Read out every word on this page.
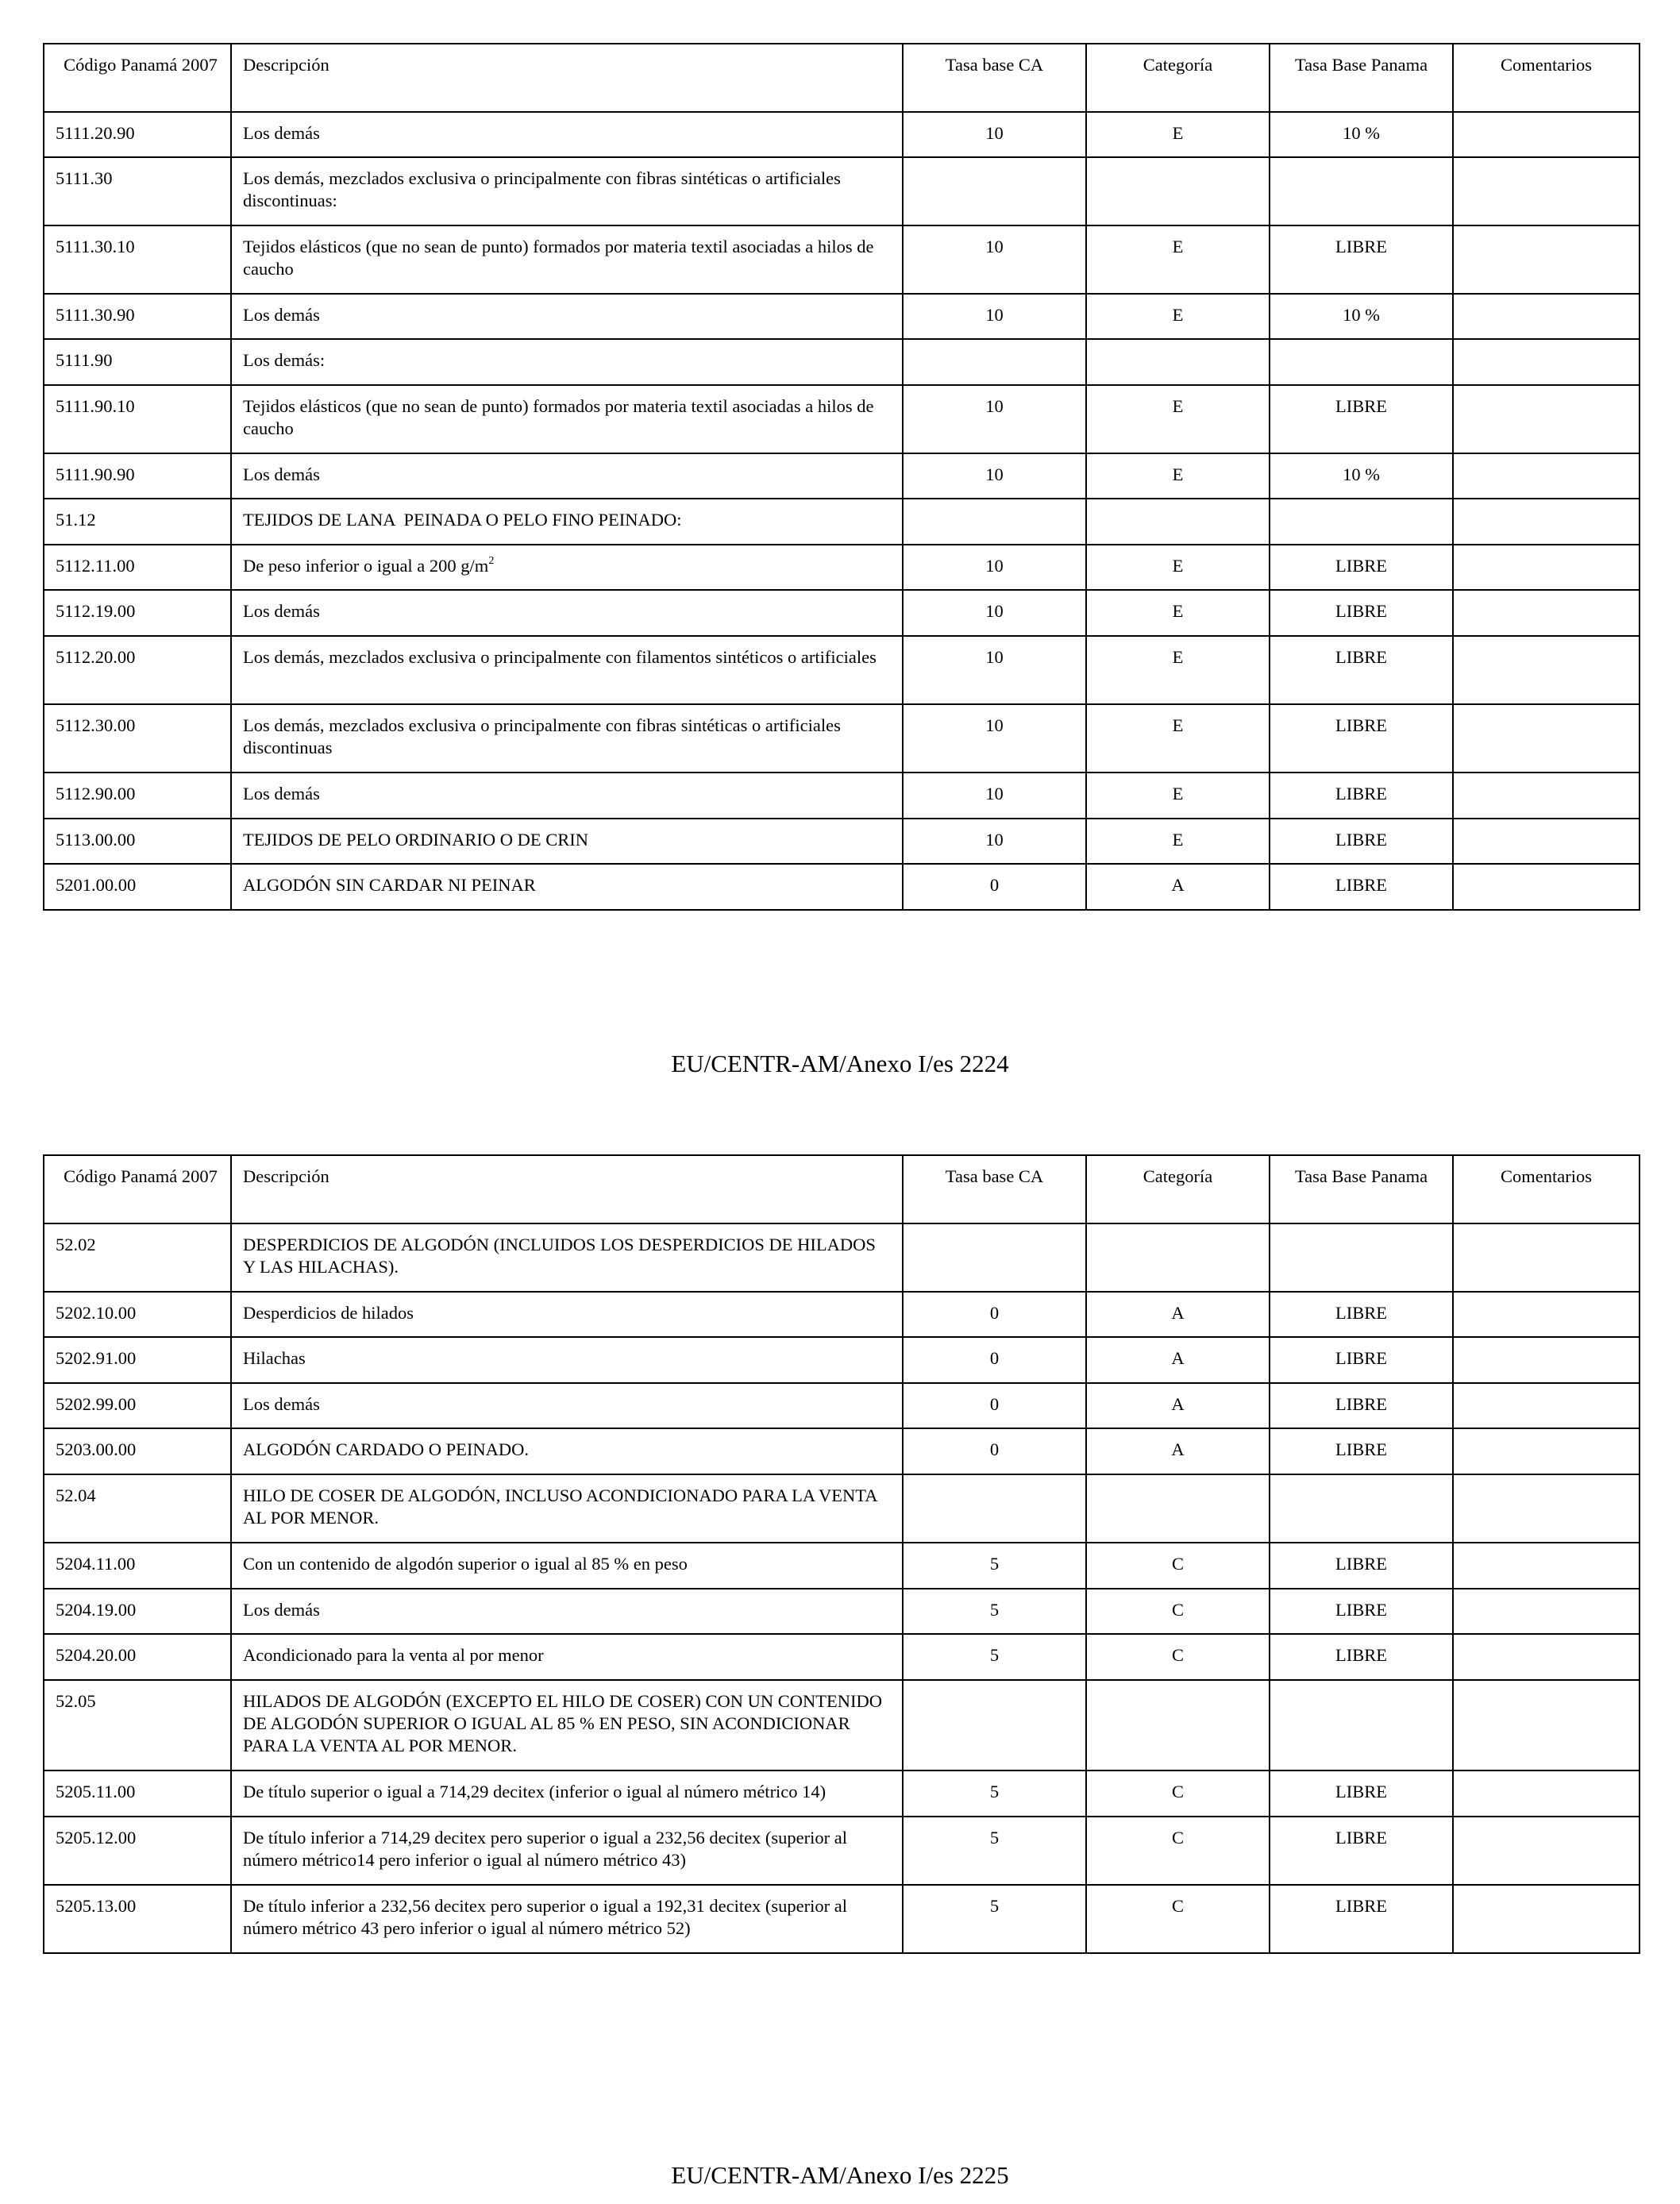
Código Panamá 2007	Descripción	Tasa base CA	Categoría	Tasa Base Panama	Comentarios
5111.20.90	Los demás	10	E	10 %	
5111.30	Los demás, mezclados exclusiva o principalmente con fibras sintéticas o artificiales discontinuas:				
5111.30.10	Tejidos elásticos (que no sean de punto) formados por materia textil asociadas a hilos de caucho	10	E	LIBRE	
5111.30.90	Los demás	10	E	10 %	
5111.90	Los demás:				
5111.90.10	Tejidos elásticos (que no sean de punto) formados por materia textil asociadas a hilos de caucho	10	E	LIBRE	
5111.90.90	Los demás	10	E	10 %	
51.12	TEJIDOS DE LANA  PEINADA O PELO FINO PEINADO:				
5112.11.00	De peso inferior o igual a 200 $g/m^2$	10	E	LIBRE	
5112.19.00	Los demás	10	E	LIBRE	
5112.20.00	Los demás, mezclados exclusiva o principalmente con filamentos sintéticos o artificiales	10	E	LIBRE	
5112.30.00	Los demás, mezclados exclusiva o principalmente con fibras sintéticas o artificiales discontinuas	10	E	LIBRE	
5112.90.00	Los demás	10	E	LIBRE	
5113.00.00	TEJIDOS DE PELO ORDINARIO O DE CRIN	10	E	LIBRE	
5201.00.00	ALGODÓN SIN CARDAR NI PEINAR	0	A	LIBRE	
EU/CENTR-AM/Anexo I/es 2224
Código Panamá 2007	Descripción	Tasa base CA	Categoría	Tasa Base Panama	Comentarios
52.02	DESPERDICIOS DE ALGODÓN (INCLUIDOS LOS DESPERDICIOS DE HILADOS Y LAS HILACHAS).				
5202.10.00	Desperdicios de hilados	0	A	LIBRE	
5202.91.00	Hilachas	0	A	LIBRE	
5202.99.00	Los demás	0	A	LIBRE	
5203.00.00	ALGODÓN CARDADO O PEINADO.	0	A	LIBRE	
52.04	HILO DE COSER DE ALGODÓN, INCLUSO ACONDICIONADO PARA LA VENTA AL POR MENOR.				
5204.11.00	Con un contenido de algodón superior o igual al 85 % en peso	5	C	LIBRE	
5204.19.00	Los demás	5	C	LIBRE	
5204.20.00	Acondicionado para la venta al por menor	5	C	LIBRE	
52.05	HILADOS DE ALGODÓN (EXCEPTO EL HILO DE COSER) CON UN CONTENIDO DE ALGODÓN SUPERIOR O IGUAL AL 85 % EN PESO, SIN ACONDICIONAR PARA LA VENTA AL POR MENOR.				
5205.11.00	De título superior o igual a 714,29 decitex (inferior o igual al número métrico 14)	5	C	LIBRE	
5205.12.00	De título inferior a 714,29 decitex pero superior o igual a 232,56 decitex (superior al número métrico14 pero inferior o igual al número métrico 43)	5	C	LIBRE	
5205.13.00	De título inferior a 232,56 decitex pero superior o igual a 192,31 decitex (superior al número métrico 43 pero inferior o igual al número métrico 52)	5	C	LIBRE	
EU/CENTR-AM/Anexo I/es 2225
